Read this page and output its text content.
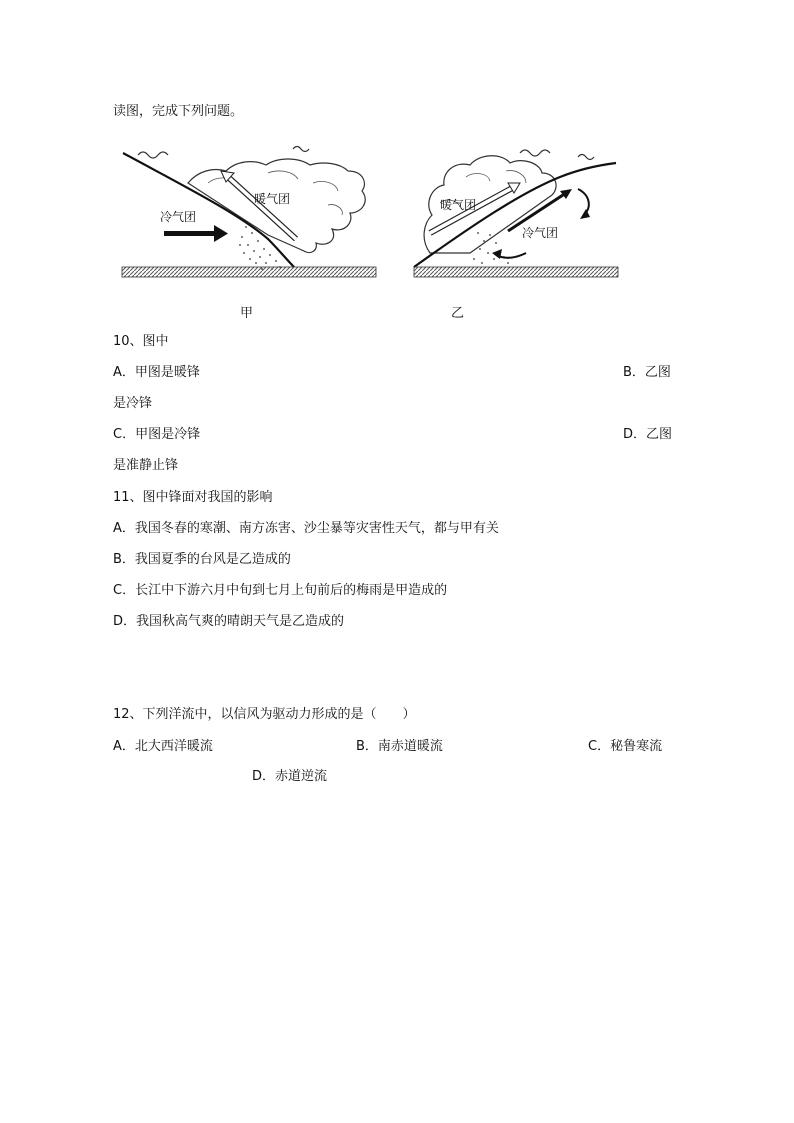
读图，完成下列问题。
冷气团
暖气团	暖气团
冷气团
甲	乙
10、图中
A．甲图是暖锋	B．乙图
是冷锋
C．甲图是冷锋	D．乙图
是准静止锋
11、图中锋面对我国的影响
A．我国冬春的寒潮、南方冻害、沙尘暴等灾害性天气，都与甲有关
B．我国夏季的台风是乙造成的
C．长江中下游六月中旬到七月上旬前后的梅雨是甲造成的
D．我国秋高气爽的晴朗天气是乙造成的
12、下列洋流中，以信风为驱动力形成的是（　　）
A．北大西洋暖流	B．南赤道暖流	C．秘鲁寒流
D．赤道逆流
